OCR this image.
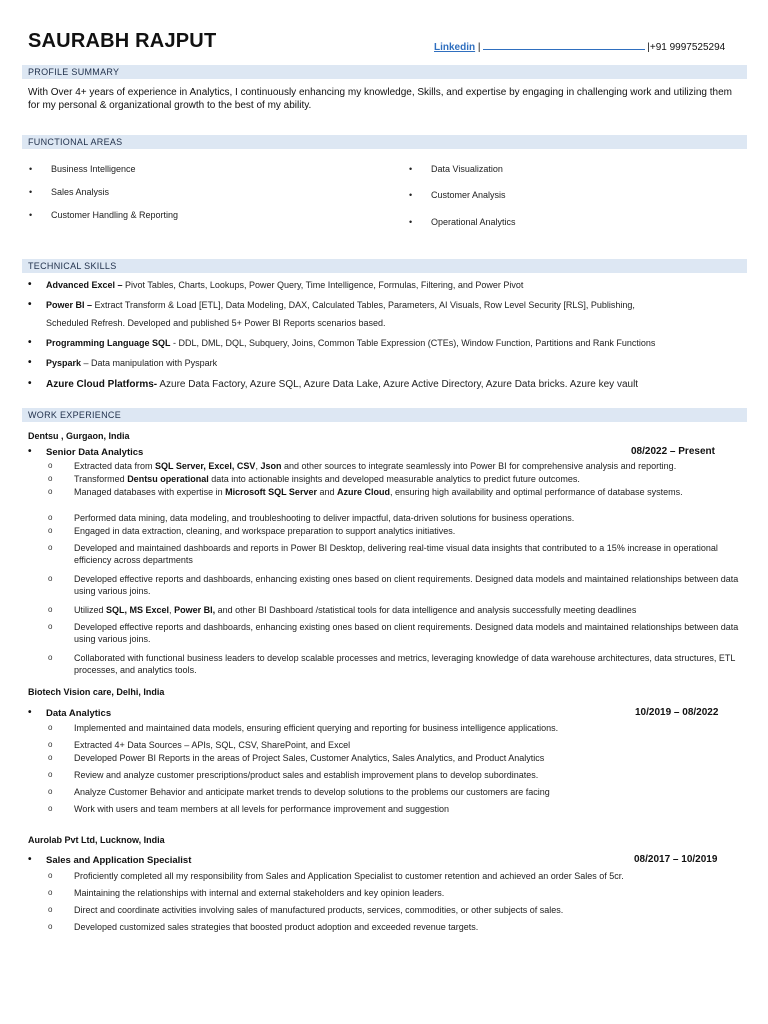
SAURABH RAJPUT	Linkedin |	|+91 9997525294
PROFILE SUMMARY
With Over 4+ years of experience in Analytics, I continuously enhancing my knowledge, Skills, and expertise by engaging in challenging work and utilizing them for my personal & organizational growth to the best of my ability.
FUNCTIONAL AREAS
• Business Intelligence
• Sales Analysis
• Customer Handling & Reporting
• Data Visualization
• Customer Analysis
• Operational Analytics
TECHNICAL SKILLS
• Advanced Excel – Pivot Tables, Charts, Lookups, Power Query, Time Intelligence, Formulas, Filtering, and Power Pivot
• Power BI – Extract Transform & Load [ETL], Data Modeling, DAX, Calculated Tables, Parameters, AI Visuals, Row Level Security [RLS], Publishing,
Scheduled Refresh. Developed and published 5+ Power BI Reports scenarios based.
• Programming Language SQL - DDL, DML, DQL, Subquery, Joins, Common Table Expression (CTEs), Window Function, Partitions and Rank Functions
• Pyspark – Data manipulation with Pyspark
• Azure Cloud Platforms- Azure Data Factory, Azure SQL, Azure Data Lake, Azure Active Directory, Azure Data bricks. Azure key vault
WORK EXPERIENCE
Dentsu , Gurgaon, India
• Senior Data Analytics	08/2022 – Present
o Extracted data from SQL Server, Excel, CSV, Json and other sources to integrate seamlessly into Power BI for comprehensive analysis and reporting.
o Transformed Dentsu operational data into actionable insights and developed measurable analytics to predict future outcomes.
o Managed databases with expertise in Microsoft SQL Server and Azure Cloud, ensuring high availability and optimal performance of database systems.
o Performed data mining, data modeling, and troubleshooting to deliver impactful, data-driven solutions for business operations.
o Engaged in data extraction, cleaning, and workspace preparation to support analytics initiatives.
o Developed and maintained dashboards and reports in Power BI Desktop, delivering real-time visual data insights that contributed to a 15% increase in operational efficiency across departments
o Developed effective reports and dashboards, enhancing existing ones based on client requirements. Designed data models and maintained relationships between data using various joins.
o Utilized SQL, MS Excel, Power BI, and other BI Dashboard /statistical tools for data intelligence and analysis successfully meeting deadlines
o Developed effective reports and dashboards, enhancing existing ones based on client requirements. Designed data models and maintained relationships between data using various joins.
o Collaborated with functional business leaders to develop scalable processes and metrics, leveraging knowledge of data warehouse architectures, data structures, ETL processes, and analytics tools.
Biotech Vision care, Delhi, India
• Data Analytics	10/2019 – 08/2022
o Implemented and maintained data models, ensuring efficient querying and reporting for business intelligence applications.
o Extracted 4+ Data Sources – APIs, SQL, CSV, SharePoint, and Excel
o Developed Power BI Reports in the areas of Project Sales, Customer Analytics, Sales Analytics, and Product Analytics
o Review and analyze customer prescriptions/product sales and establish improvement plans to develop subordinates.
o Analyze Customer Behavior and anticipate market trends to develop solutions to the problems our customers are facing
o Work with users and team members at all levels for performance improvement and suggestion
Aurolab Pvt Ltd, Lucknow, India
• Sales and Application Specialist	08/2017 – 10/2019
o Proficiently completed all my responsibility from Sales and Application Specialist to customer retention and achieved an order Sales of 5cr.
o Maintaining the relationships with internal and external stakeholders and key opinion leaders.
o Direct and coordinate activities involving sales of manufactured products, services, commodities, or other subjects of sales.
o Developed customized sales strategies that boosted product adoption and exceeded revenue targets.
